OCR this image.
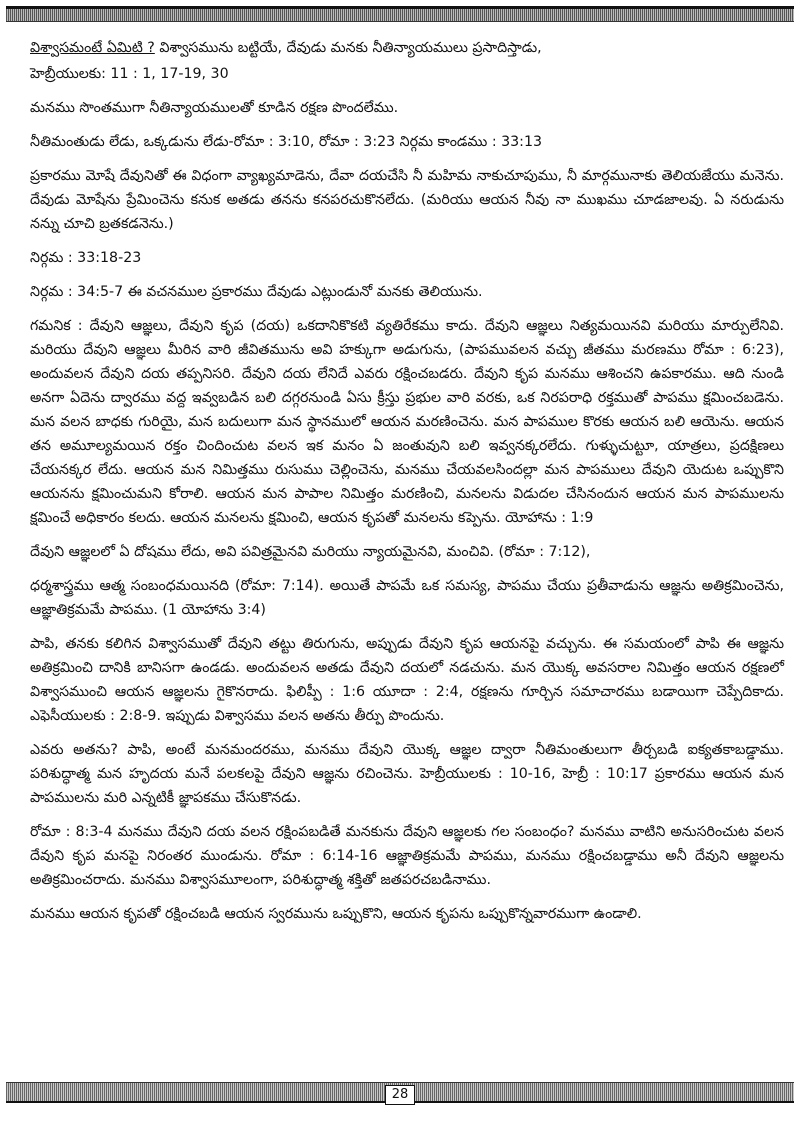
విశ్వాసమంటే ఏమిటి ? విశ్వాసమును బట్టియే, దేవుడు మనకు నీతిన్యాయములు ప్రసాదిస్తాడు,

హెబ్రీయులకు: 11 : 1, 17-19, 30

మనము సొంతముగా నీతిన్యాయములతో కూడిన రక్షణ పొందలేము.

నీతిమంతుడు లేడు, ఒక్కడును లేడు-రోమా : 3:10, రోమా : 3:23 నిర్గమ కాండము : 33:13

ప్రకారము మోషే దేవునితో ఈ విధంగా వ్యాఖ్యమాడెను, దేవా దయచేసి నీ మహిమ నాకుచూపుము, నీ మార్గమునాకు తెలియజేయు మనెను. దేవుడు మోషేను ప్రేమించెను కనుక అతడు తనను కనపరచుకొనలేదు. (మరియు ఆయన నీవు నా ముఖము చూడజాలవు. ఏ నరుడును నన్ను చూచి బ్రతకడనెను.)

నిర్గమ : 33:18-23

నిర్గమ : 34:5-7 ఈ వచనముల ప్రకారము దేవుడు ఎట్లుండునో మనకు తెలియును.

గమనిక : దేవుని ఆజ్ఞలు, దేవుని కృప (దయ) ఒకదానికొకటి వ్యతిరేకము కాదు. దేవుని ఆజ్ఞలు నిత్యమయినవి మరియు మార్పులేనివి. మరియు దేవుని ఆజ్ఞలు మీరిన వారి జీవితమును అవి హక్కుగా అడుగును, (పాపమువలన వచ్చు జీతము మరణము రోమా : 6:23), అందువలన దేవుని దయ తప్పనిసరి. దేవుని దయ లేనిదే ఎవరు రక్షించబడరు. దేవుని కృప మనము ఆశించని ఉపకారము. ఆది నుండి అనగా ఏదెను ద్వారము వద్ద ఇవ్వబడిన బలి దగ్గరనుండి ఏసు క్రీస్తు ప్రభుల వారి వరకు, ఒక నిరపరాధి రక్తముతో పాపము క్షమించబడెను. మన వలన బాధకు గురియై, మన బదులుగా మన స్థానములో ఆయన మరణించెను. మన పాపముల కొరకు ఆయన బలి ఆయెను. ఆయన తన అమూల్యమయిన రక్తం చిందించుట వలన ఇక మనం ఏ జంతువుని బలి ఇవ్వనక్కరలేదు. గుళ్ళుచుట్టూ, యాత్రలు, ప్రదక్షిణలు చేయనక్కర లేదు. ఆయన మన నిమిత్తము రుసుము చెల్లించెను, మనము చేయవలసిందల్లా మన పాపములు దేవుని యెదుట ఒప్పుకొని ఆయనను క్షమించుమని కోరాలి. ఆయన మన పాపాల నిమిత్తం మరణించి, మనలను విడుదల చేసినందున ఆయన మన పాపములను క్షమించే అధికారం కలదు. ఆయన మనలను క్షమించి, ఆయన కృపతో మనలను కప్పెను. యోహాను : 1:9

దేవుని ఆజ్ఞలలో ఏ దోషము లేదు, అవి పవిత్రమైనవి మరియు న్యాయమైనవి, మంచివి. (రోమా : 7:12),

ధర్మశాస్త్రము ఆత్మ సంబంధమయినది (రోమా: 7:14). అయితే పాపమే ఒక సమస్య, పాపము చేయు ప్రతీవాడును ఆజ్ఞను అతిక్రమించెను, ఆజ్ఞాతిక్రమమే పాపము. (1 యోహాను 3:4)

పాపి, తనకు కలిగిన విశ్వాసముతో దేవుని తట్టు తిరుగును, అప్పుడు దేవుని కృప ఆయనపై వచ్చును. ఈ సమయంలో పాపి ఈ ఆజ్ఞను అతిక్రమించి దానికి బానిసగా ఉండడు. అందువలన అతడు దేవుని దయలో నడచును. మన యొక్క అవసరాల నిమిత్తం ఆయన రక్షణలో విశ్వాసముంచి ఆయన ఆజ్ఞలను గైకొనరాదు. ఫిలిప్పీ : 1:6 యూదా : 2:4, రక్షణను గూర్చిన సమాచారము బడాయిగా చెప్పేదికాదు. ఎఫెసీయులకు : 2:8-9. ఇప్పుడు విశ్వాసము వలన అతను తీర్పు పొందును.

ఎవరు అతను? పాపి, అంటే మనమందరము, మనము దేవుని యొక్క ఆజ్ఞల ద్వారా నీతిమంతులుగా తీర్చబడి ఐక్యతకాబడ్డాము. పరిశుద్ధాత్మ మన హృదయ మనే పలకలపై దేవుని ఆజ్ఞను రచించెను. హెబ్రీయులకు : 10-16, హెబ్రీ : 10:17 ప్రకారము ఆయన మన పాపములను మరి ఎన్నటికీ జ్ఞాపకము చేసుకొనడు.

రోమా : 8:3-4 మనము దేవుని దయ వలన రక్షింపబడితే మనకును దేవుని ఆజ్ఞలకు గల సంబంధం? మనము వాటిని అనుసరించుట వలన దేవుని కృప మనపై నిరంతర ముండును. రోమా : 6:14-16 ఆజ్ఞాతిక్రమమే పాపము, మనము రక్షించబడ్డాము అనీ దేవుని ఆజ్ఞలను అతిక్రమించరాదు. మనము విశ్వాసమూలంగా, పరిశుద్ధాత్మ శక్తితో జతపరచబడినాము.

మనము ఆయన కృపతో రక్షించబడి ఆయన స్వరమును ఒప్పుకొని, ఆయన కృపను ఒప్పుకొన్నవారముగా ఉండాలి.

28
